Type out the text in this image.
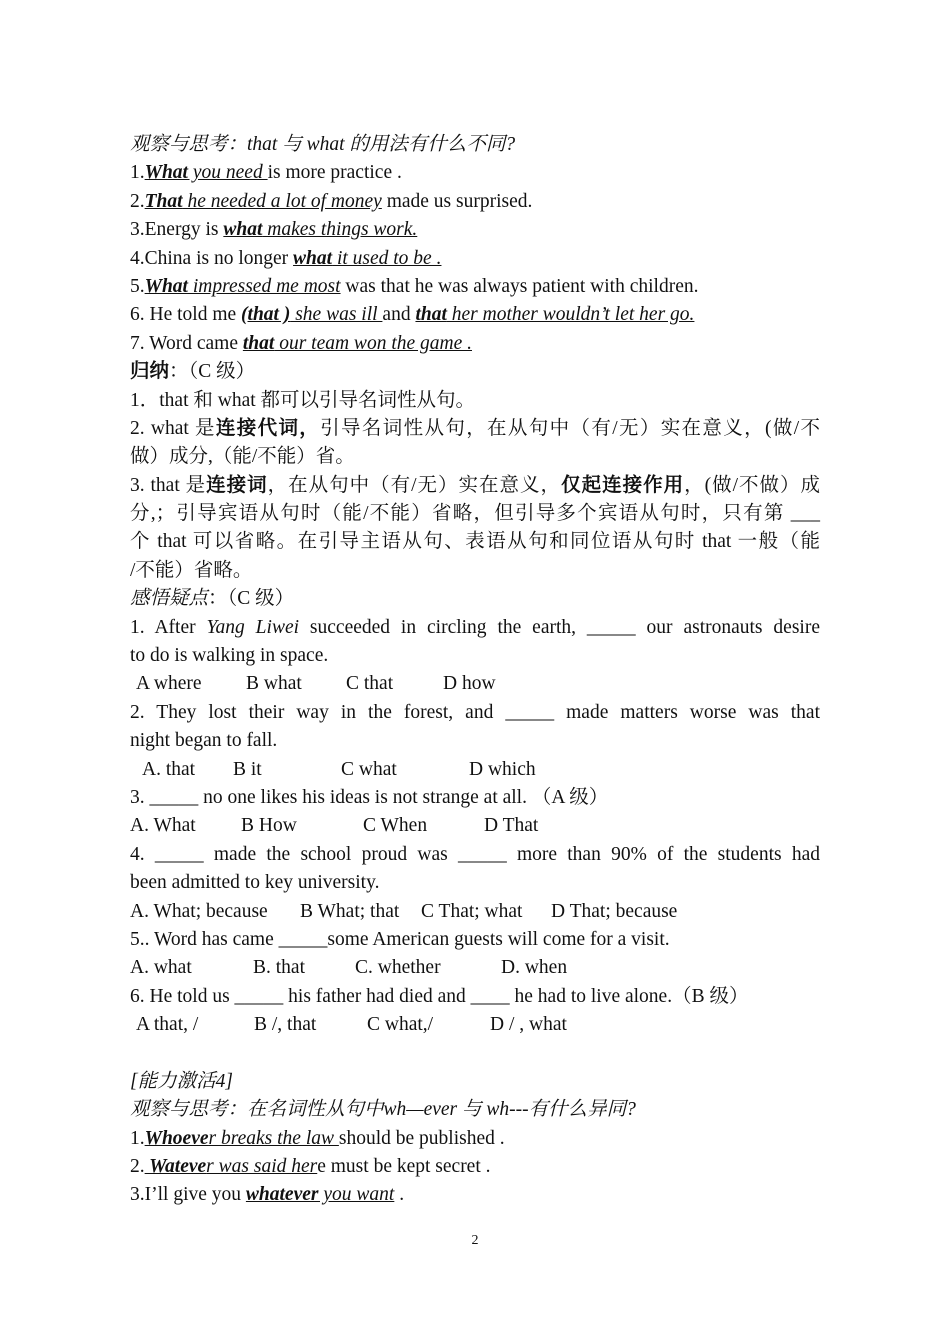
观察与思考：that 与 what 的用法有什么不同?
1.What you need is more practice .
2.That he needed a lot of money made us surprised.
3.Energy is what makes things work.
4.China is no longer what it used to be .
5.What impressed me most was that he was always patient with children.
6. He told me (that ) she was ill and that her mother wouldn’t let her go.
7. Word came that our team won the game .
归纳：（C 级）
1．that 和 what 都可以引导名词性从句。
2. what 是连接代词，引导名词性从句，在从句中（有/无）实在意义，(做/不
做）成分,（能/不能）省。
3. that 是连接词，在从句中（有/无）实在意义，仅起连接作用，(做/不做）成
分,；引导宾语从句时（能/不能）省略，但引导多个宾语从句时，只有第 ___
个 that 可以省略。在引导主语从句、表语从句和同位语从句时 that 一般（能
/不能）省略。
感悟疑点：（C 级）
1. After Yang Liwei succeeded in circling the earth, _____ our astronauts desire
to do is walking in space.
A where B what C that	D how
2. They lost their way in the forest, and _____ made matters worse was that
night began to fall.
A. that B it	C what	D which
3. _____ no one likes his ideas is not strange at all. （A 级）
A. What B How	C When	D That
4. _____ made the school proud was _____ more than 90% of the students had
been admitted to key university.
A. What; because B What; that C That; what D That; because
5.. Word has came _____some American guests will come for a visit.
A. what	B. that	C. whether	D. when
6. He told us _____ his father had died and ____ he had to live alone.（B 级）
A that, /	B /, that	C what,/	D / , what
[能力激活4]
观察与思考：在名词性从句中wh—ever 与 wh---有什么异同?
1.Whoever breaks the law should be published .
2. Watever was said here must be kept secret .
3.I’ll give you whatever you want .
2
